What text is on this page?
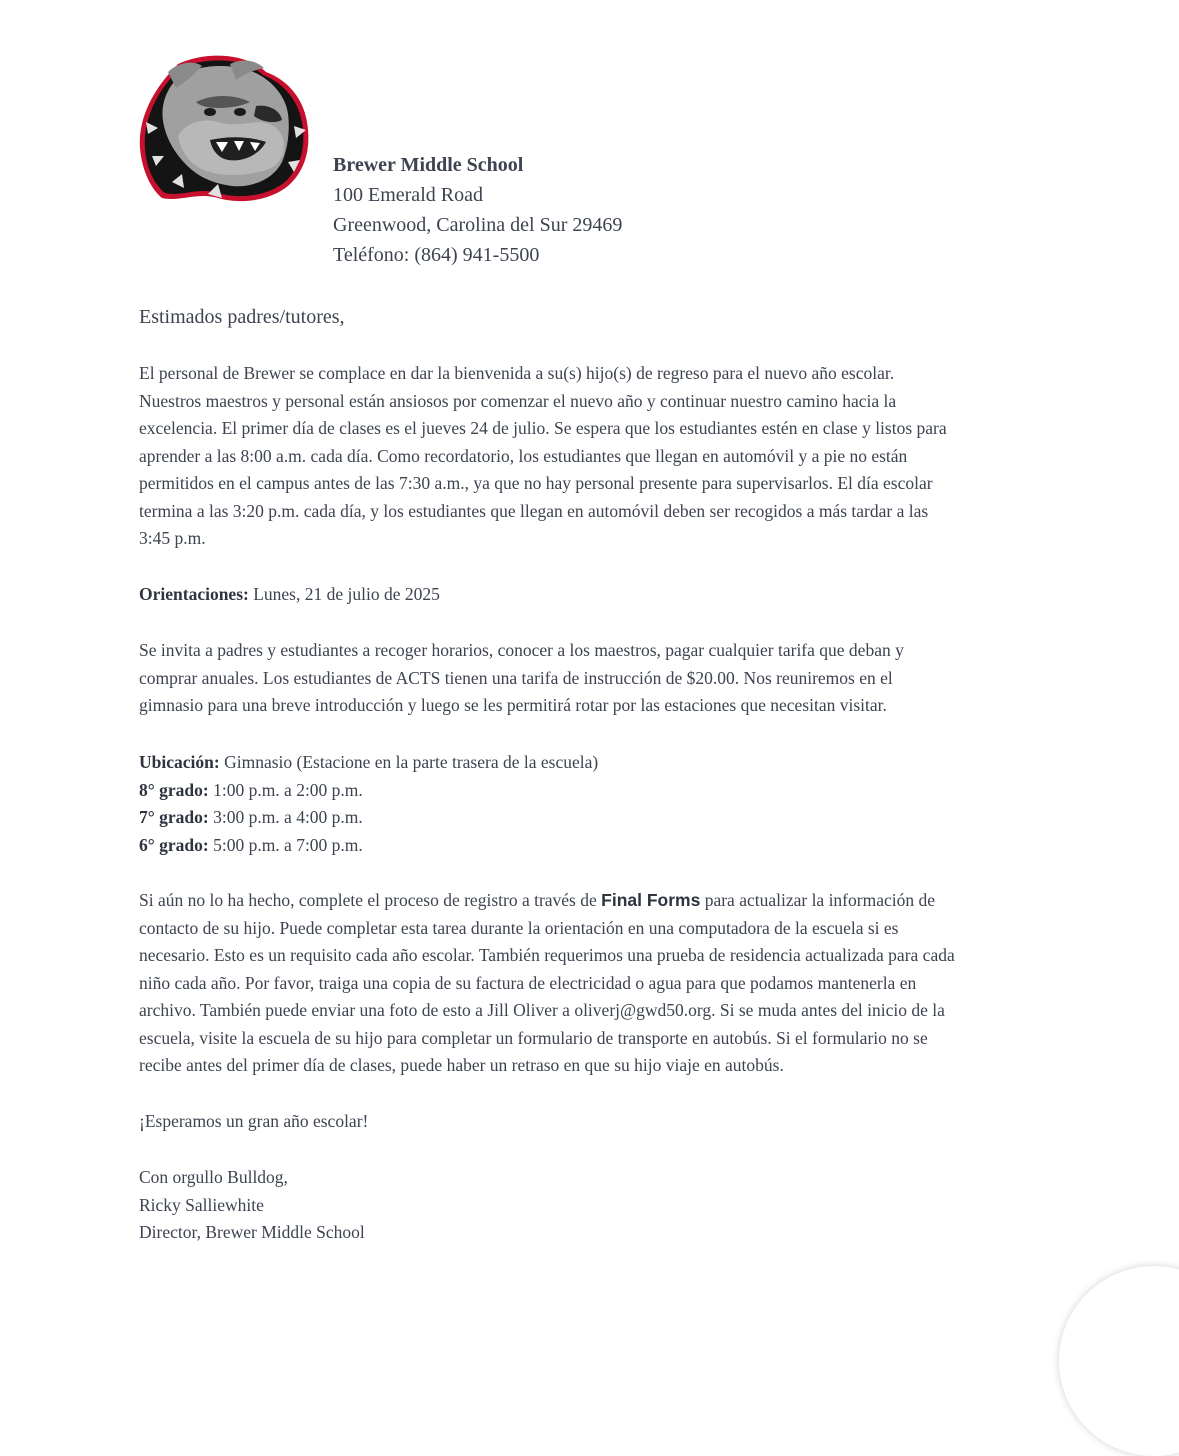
Brewer Middle School
100 Emerald Road
Greenwood, Carolina del Sur 29469
Teléfono: (864) 941-5500
Estimados padres/tutores,
El personal de Brewer se complace en dar la bienvenida a su(s) hijo(s) de regreso para el nuevo año escolar.
Nuestros maestros y personal están ansiosos por comenzar el nuevo año y continuar nuestro camino hacia la
excelencia. El primer día de clases es el jueves 24 de julio. Se espera que los estudiantes estén en clase y listos para
aprender a las 8:00 a.m. cada día. Como recordatorio, los estudiantes que llegan en automóvil y a pie no están
permitidos en el campus antes de las 7:30 a.m., ya que no hay personal presente para supervisarlos. El día escolar
termina a las 3:20 p.m. cada día, y los estudiantes que llegan en automóvil deben ser recogidos a más tardar a las
3:45 p.m.
Orientaciones: Lunes, 21 de julio de 2025
Se invita a padres y estudiantes a recoger horarios, conocer a los maestros, pagar cualquier tarifa que deban y
comprar anuales. Los estudiantes de ACTS tienen una tarifa de instrucción de $20.00. Nos reuniremos en el
gimnasio para una breve introducción y luego se les permitirá rotar por las estaciones que necesitan visitar.
Ubicación: Gimnasio (Estacione en la parte trasera de la escuela)
8° grado: 1:00 p.m. a 2:00 p.m.
7° grado: 3:00 p.m. a 4:00 p.m.
6° grado: 5:00 p.m. a 7:00 p.m.
Si aún no lo ha hecho, complete el proceso de registro a través de Final Forms para actualizar la información de
contacto de su hijo. Puede completar esta tarea durante la orientación en una computadora de la escuela si es
necesario. Esto es un requisito cada año escolar. También requerimos una prueba de residencia actualizada para cada
niño cada año. Por favor, traiga una copia de su factura de electricidad o agua para que podamos mantenerla en
archivo. También puede enviar una foto de esto a Jill Oliver a oliverj@gwd50.org. Si se muda antes del inicio de la
escuela, visite la escuela de su hijo para completar un formulario de transporte en autobús. Si el formulario no se
recibe antes del primer día de clases, puede haber un retraso en que su hijo viaje en autobús.
¡Esperamos un gran año escolar!
Con orgullo Bulldog,
Ricky Salliewhite
Director, Brewer Middle School
